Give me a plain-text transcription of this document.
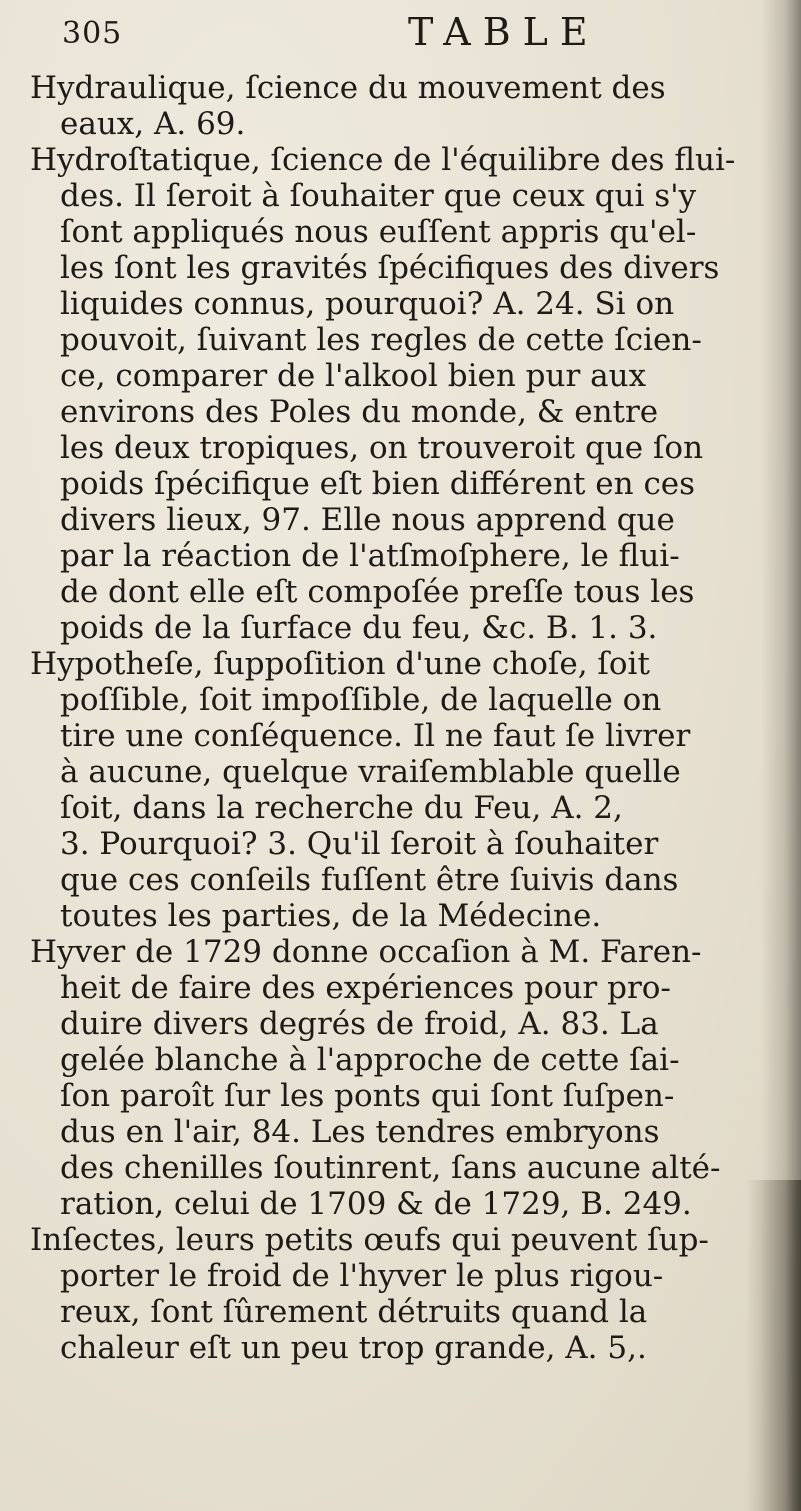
305	TABLE
Hydraulique, ſcience du mouvement des
eaux, A. 69.
Hydroſtatique, ſcience de l'équilibre des flui-
des. Il ſeroit à ſouhaiter que ceux qui s'y
ſont appliqués nous euſſent appris qu'el-
les ſont les gravités ſpécifiques des divers
liquides connus, pourquoi? A. 24. Si on
pouvoit, ſuivant les regles de cette ſcien-
ce, comparer de l'alkool bien pur aux
environs des Poles du monde, & entre
les deux tropiques, on trouveroit que ſon
poids ſpécifique eſt bien différent en ces
divers lieux, 97. Elle nous apprend que
par la réaction de l'atſmoſphere, le flui-
de dont elle eſt compoſée preſſe tous les
poids de la ſurface du feu, &c. B. 1. 3.
Hypotheſe, ſuppoſition d'une choſe, ſoit
poſſible, ſoit impoſſible, de laquelle on
tire une conſéquence. Il ne faut ſe livrer
à aucune, quelque vraiſemblable quelle
ſoit, dans la recherche du Feu, A. 2,
3. Pourquoi? 3. Qu'il ſeroit à ſouhaiter
que ces conſeils fuſſent être ſuivis dans
toutes les parties, de la Médecine.
Hyver de 1729 donne occaſion à M. Faren-
heit de faire des expériences pour pro-
duire divers degrés de froid, A. 83. La
gelée blanche à l'approche de cette ſai-
ſon paroît ſur les ponts qui ſont ſuſpen-
dus en l'air, 84. Les tendres embryons
des chenilles ſoutinrent, ſans aucune alté-
ration, celui de 1709 & de 1729, B. 249.
Inſectes, leurs petits œufs qui peuvent ſup-
porter le froid de l'hyver le plus rigou-
reux, ſont ſûrement détruits quand la
chaleur eſt un peu trop grande, A. 5,.
